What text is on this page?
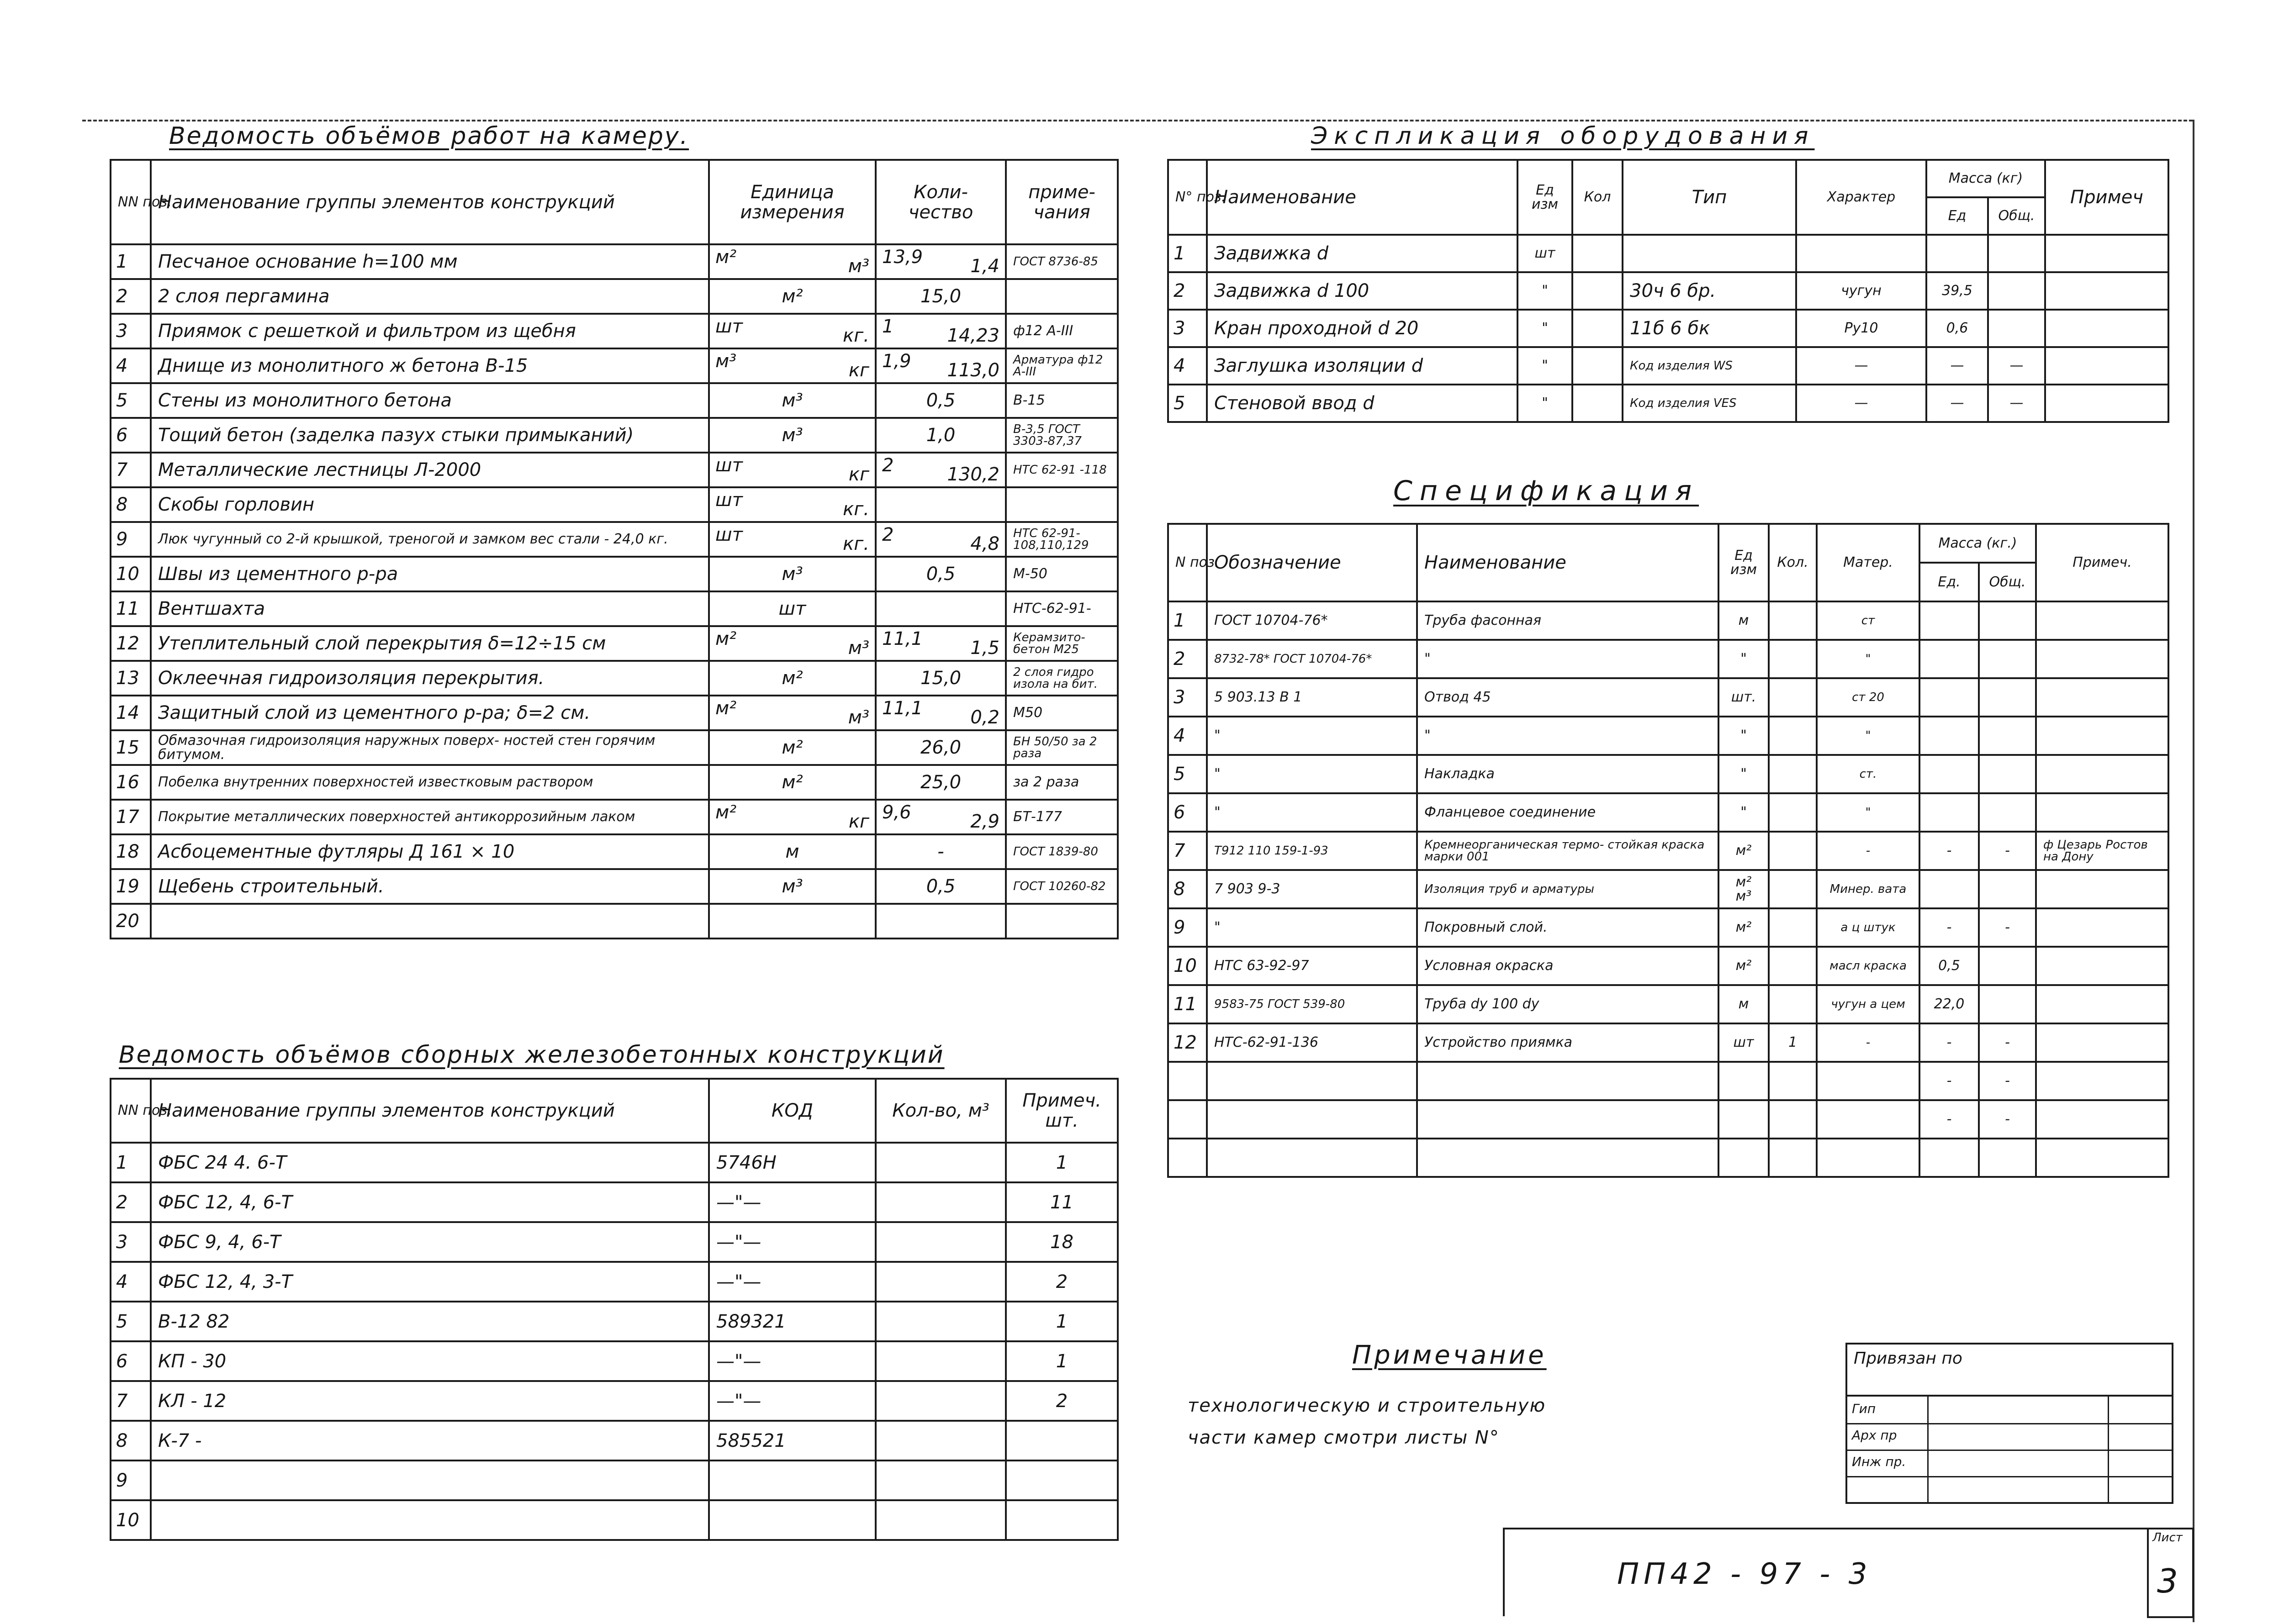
Ведомость объёмов работ на камеру.
NN поз.	Наименование группы элементов конструкций	Единица измерения	Коли-чество	приме-чания
1	Песчаное основание h=100 мм	м² м³	13,9 1,4	ГОСТ 8736-85
2	2 слоя пергамина	м²	15,0	
3	Приямок с решеткой и фильтром из щебня	шт кг.	1 14,23	ф12 А-III
4	Днище из монолитного ж бетона В-15	м³ кг	1,9 113,0	Арматура ф12 А-III
5	Стены из монолитного бетона	м³	0,5	В-15
6	Тощий бетон (заделка пазух стыки примыканий)	м³	1,0	В-3,5 ГОСТ 3303-87,37
7	Металлические лестницы Л-2000	шт кг	2 130,2	НТС 62-91 -118
8	Скобы горловин	шт кг.		

9	Люк чугунный со 2-й крышкой, треногой и замком вес стали - 24,0 кг.	шт кг.	2 4,8	НТС 62-91- 108,110,129
10	Швы из цементного р-ра	м³	0,5	М-50
11	Вентшахта	шт		НТС-62-91-
12	Утеплительный слой перекрытия δ=12÷15 см	м² м³	11,1 1,5	Керамзито- бетон М25
13	Оклеечная гидроизоляция перекрытия.	м²	15,0	2 слоя гидро изола на бит.
14	Защитный слой из цементного р-ра; δ=2 см.	м² м³	11,1 0,2	М50
15	Обмазочная гидроизоляция наружных поверх- ностей стен горячим битумом.	м²	26,0	БН 50/50 за 2 раза
16	Побелка внутренних поверхностей известковым раствором	м²	25,0	за 2 раза
17	Покрытие металлических поверхностей антикоррозийным лаком	м² кг	9,6 2,9	БТ-177
18	Асбоцементные футляры Д 161 × 10	м	-	ГОСТ 1839-80
19	Щебень строительный.	м³	0,5	ГОСТ 10260-82
20				
Ведомость объёмов сборных железобетонных конструкций
NN поз.	Наименование группы элементов конструкций	КОД	Кол-во, м³	Примеч. шт.
1	ФБС 24 4. 6-Т	5746Н		1
2	ФБС 12, 4, 6-Т	—"—		11
3	ФБС 9, 4, 6-Т	—"—		18
4	ФБС 12, 4, 3-Т	—"—		2
5	В-12 82	589321		1
6	КП - 30	—"—		1
7	КЛ - 12	—"—		2
8	К-7 -	585521		
9				
10				
Экспликация оборудования
N° поз.	Наименование	Ед изм	Кол	Тип	Характер	Масса (кг)		Примеч
						Ед	Общ.	
1	Задвижка d	шт						
2	Задвижка d 100	"		30ч 6 бр.	чугун	39,5		
3	Кран проходной d 20	"		11б 6 бк	Ру10	0,6		
4	Заглушка изоляции d	"		Код изделия WS	—	—	—	
5	Стеновой ввод d	"		Код изделия VES	—	—	—	
Спецификация
N поз.	Обозначение	Наименование	Ед изм	Кол.	Матер.	Масса (кг.)		Примеч.
						Ед.	Общ.	
1	ГОСТ 10704-76*	Труба фасонная	м		ст			
2	8732-78* ГОСТ 10704-76*	"	"		"			
3	5 903.13 В 1	Отвод 45	шт.		ст 20			
4	"	"	"		"			
5	"	Накладка	"		ст.			
6	"	Фланцевое соединение	"		"			
7	Т912 110 159-1-93	Кремнеорганическая термо- стойкая краска марки 001	м²		-	-	-	ф Цезарь Ростов на Дону
8	7 903 9-3	Изоляция труб и арматуры	м² м³		Минер. вата			
9	"	Покровный слой.	м²		а ц штук	-	-	
10	НТС 63-92-97	Условная окраска	м²		масл краска	0,5		
11	9583-75 ГОСТ 539-80	Труба dy 100 dy	м		чугун а цем	22,0		
12	НТС-62-91-136	Устройство приямка	шт	1	-	-	-	
						-	-	
						-	-	

Примечание
технологическую и строительную
части камер смотри листы N°
Привязан по
Гип
Арх пр
Инж пр.
ПП42 - 97 - 3
Лист
3
